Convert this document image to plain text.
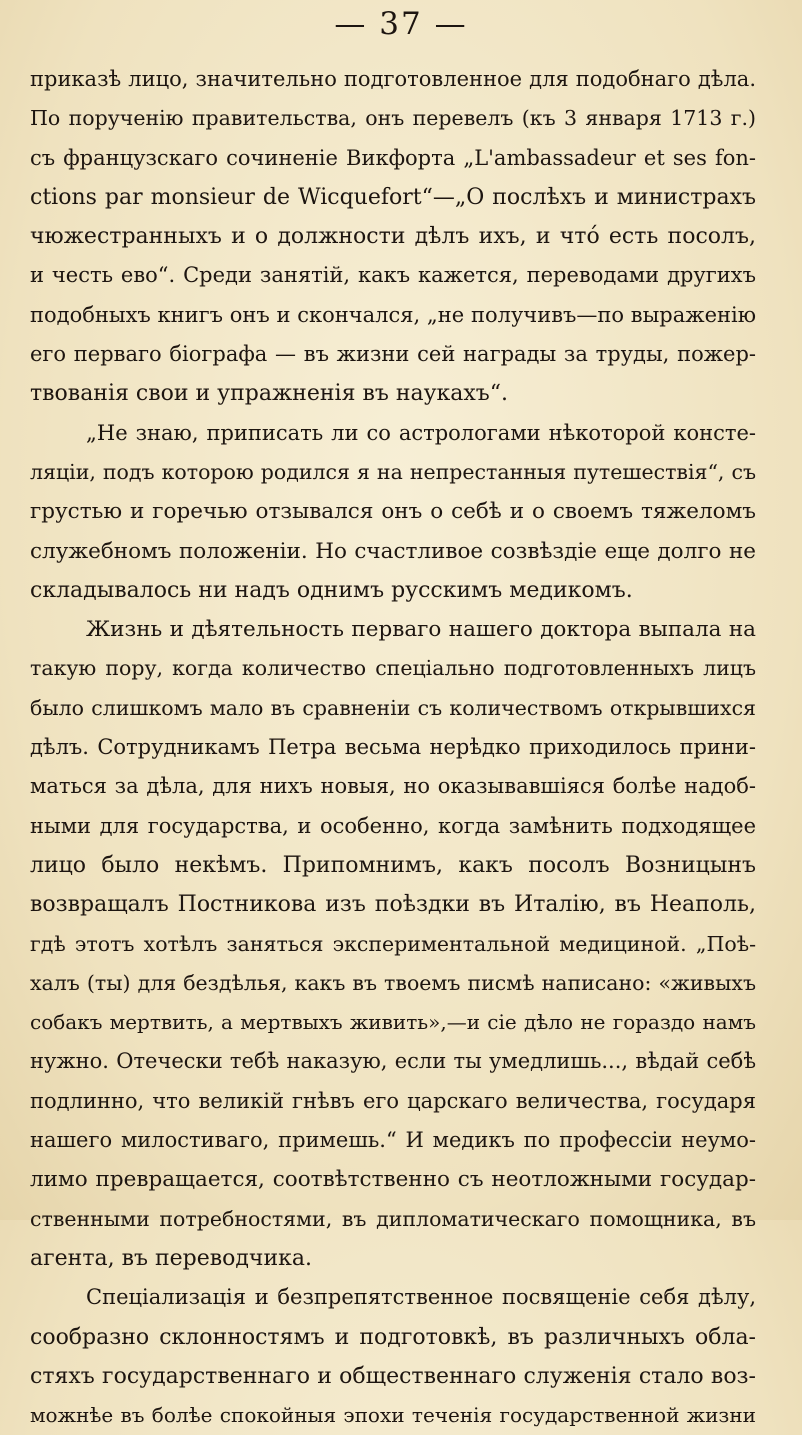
— 37 —
приказѣ лицо, значительно подготовленное для подобнаго дѣла.
По порученію правительства, онъ перевелъ (къ 3 января 1713 г.)
съ французскаго сочиненіе Викфорта „L'ambassadeur et ses fon-
ctions par monsieur de Wicquefort“—„О послѣхъ и министрахъ
чюжестранныхъ и о должности дѣлъ ихъ, и что́ есть посолъ,
и честь ево“. Среди занятій, какъ кажется, переводами другихъ
подобныхъ книгъ онъ и скончался, „не получивъ—по выраженію
его перваго біографа — въ жизни сей награды за труды, пожер-
твованія свои и упражненія въ наукахъ“.
„Не знаю, приписать ли со астрологами нѣкоторой консте-
ляціи, подъ которою родился я на непрестанныя путешествія“, съ
грустью и горечью отзывался онъ о себѣ и о своемъ тяжеломъ
служебномъ положеніи. Но счастливое созвѣздіе еще долго не
складывалось ни надъ однимъ русскимъ медикомъ.
Жизнь и дѣятельность перваго нашего доктора выпала на
такую пору, когда количество спеціально подготовленныхъ лицъ
было слишкомъ мало въ сравненіи съ количествомъ открывшихся
дѣлъ. Сотрудникамъ Петра весьма нерѣдко приходилось прини-
маться за дѣла, для нихъ новыя, но оказывавшіяся болѣе надоб-
ными для государства, и особенно, когда замѣнить подходящее
лицо было некѣмъ. Припомнимъ, какъ посолъ Возницынъ
возвращалъ Постникова изъ поѣздки въ Италію, въ Неаполь,
гдѣ этотъ хотѣлъ заняться экспериментальной медициной. „Поѣ-
халъ (ты) для бездѣлья, какъ въ твоемъ писмѣ написано: «живыхъ
собакъ мертвить, а мертвыхъ живить»,—и сіе дѣло не гораздо намъ
нужно. Отечески тебѣ наказую, если ты умедлишь..., вѣдай себѣ
подлинно, что великій гнѣвъ его царскаго величества, государя
нашего милостиваго, примешь.“ И медикъ по профессіи неумо-
лимо превращается, соотвѣтственно съ неотложными государ-
ственными потребностями, въ дипломатическаго помощника, въ
агента, въ переводчика.
Спеціализація и безпрепятственное посвященіе себя дѣлу,
сообразно склонностямъ и подготовкѣ, въ различныхъ обла-
стяхъ государственнаго и общественнаго служенія стало воз-
можнѣе въ болѣе спокойныя эпохи теченія государственной жизни
